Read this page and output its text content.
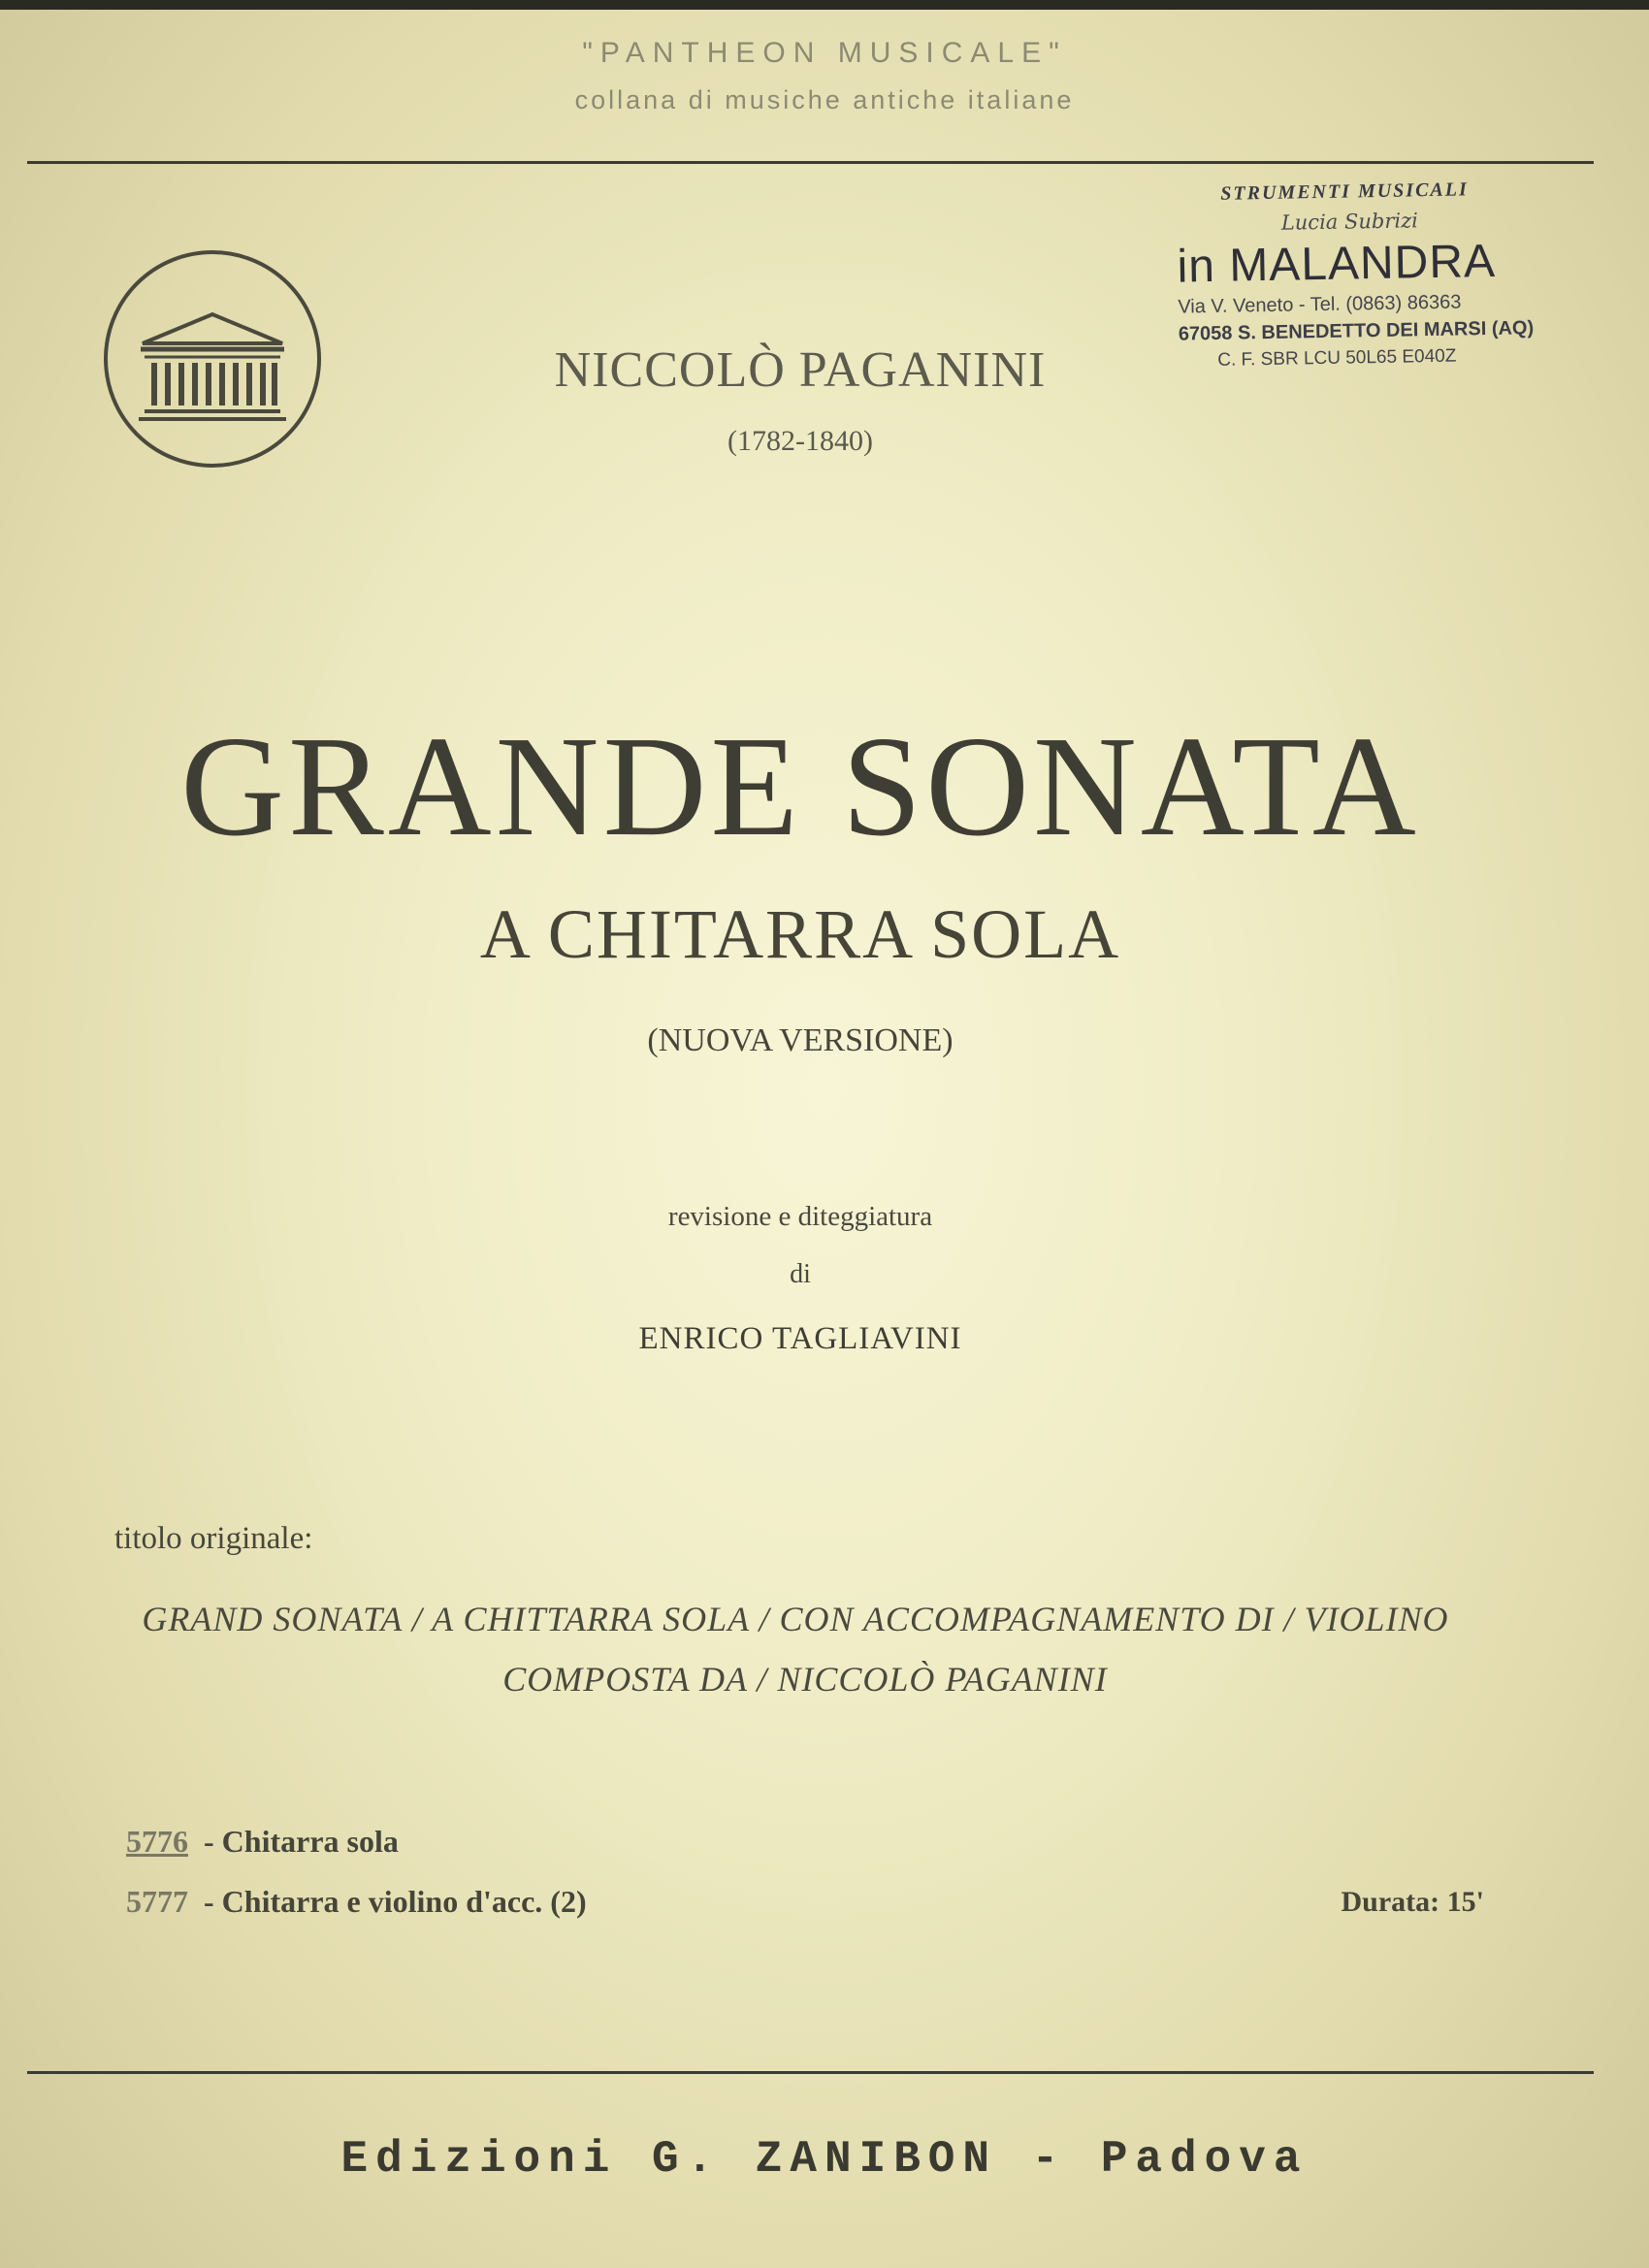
"PANTHEON MUSICALE"
collana di musiche antiche italiane
STRUMENTI MUSICALI
Lucia Subrizi
in MALANDRA
Via V. Veneto - Tel. (0863) 86363
67058 S. BENEDETTO DEI MARSI (AQ)
C. F. SBR LCU 50L65 E040Z
NICCOLÒ PAGANINI
(1782-1840)
GRANDE SONATA
A CHITARRA SOLA
(NUOVA VERSIONE)
revisione e diteggiatura
di
ENRICO TAGLIAVINI
titolo originale:
GRAND SONATA / A CHITTARRA SOLA / CON ACCOMPAGNAMENTO DI / VIOLINO
COMPOSTA DA / NICCOLÒ PAGANINI
5776 - Chitarra sola
5777 - Chitarra e violino d'acc. (2)	Durata: 15'
Edizioni G. ZANIBON - Padova
